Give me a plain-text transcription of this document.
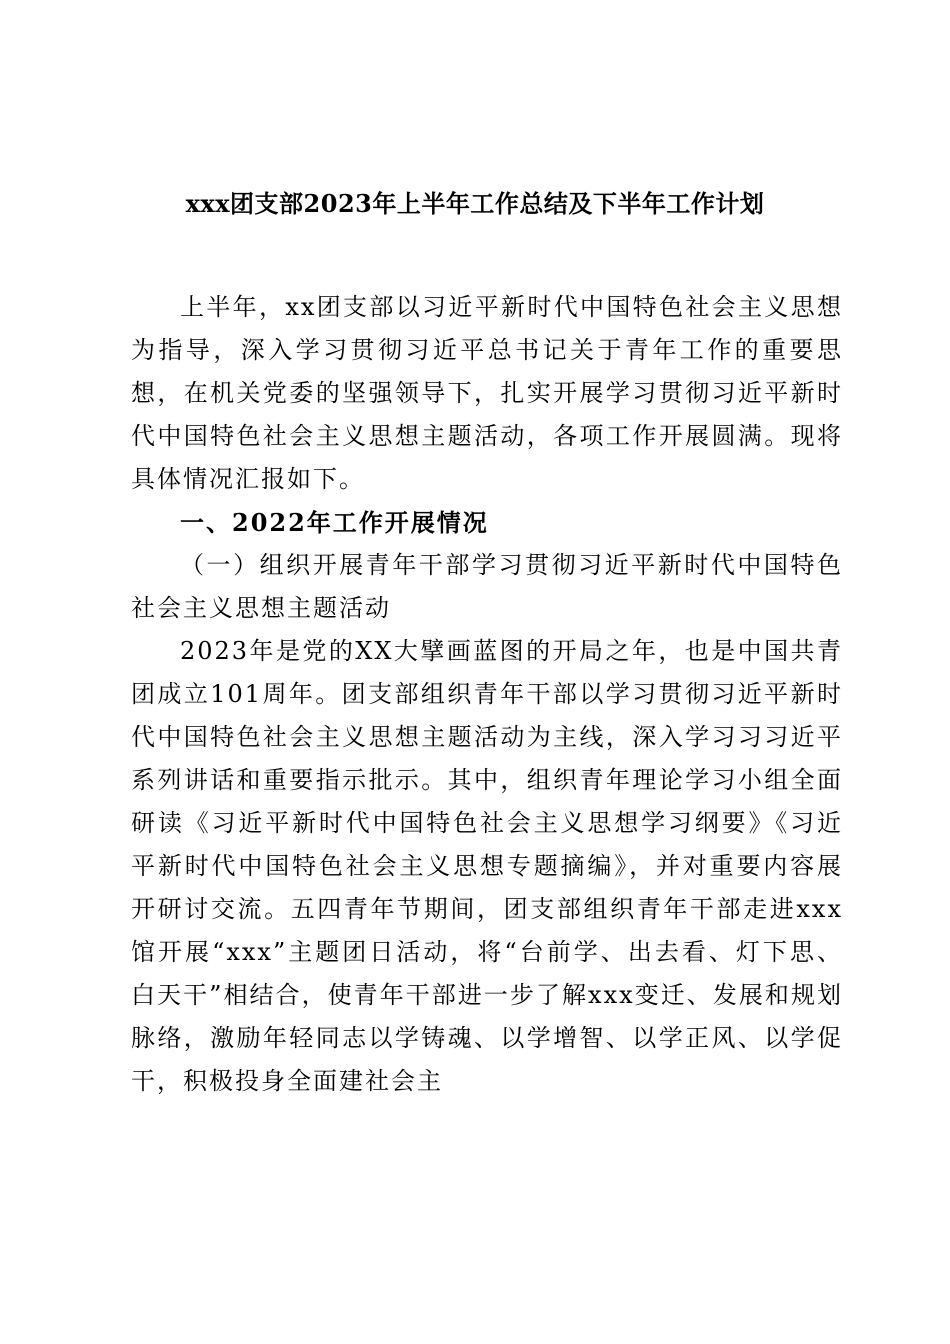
xxx团支部2023年上半年工作总结及下半年工作计划

上半年，xx团支部以习近平新时代中国特色社会主义思想为指导，深入学习贯彻习近平总书记关于青年工作的重要思想，在机关党委的坚强领导下，扎实开展学习贯彻习近平新时代中国特色社会主义思想主题活动，各项工作开展圆满。现将具体情况汇报如下。

一、2022年工作开展情况

（一）组织开展青年干部学习贯彻习近平新时代中国特色社会主义思想主题活动

2023年是党的XX大擘画蓝图的开局之年，也是中国共青团成立101周年。团支部组织青年干部以学习贯彻习近平新时代中国特色社会主义思想主题活动为主线，深入学习习习近平系列讲话和重要指示批示。其中，组织青年理论学习小组全面研读《习近平新时代中国特色社会主义思想学习纲要》《习近平新时代中国特色社会主义思想专题摘编》，并对重要内容展开研讨交流。五四青年节期间，团支部组织青年干部走进xxx馆开展“xxx”主题团日活动，将“台前学、出去看、灯下思、白天干”相结合，使青年干部进一步了解xxx变迁、发展和规划脉络，激励年轻同志以学铸魂、以学增智、以学正风、以学促干，积极投身全面建社会主
